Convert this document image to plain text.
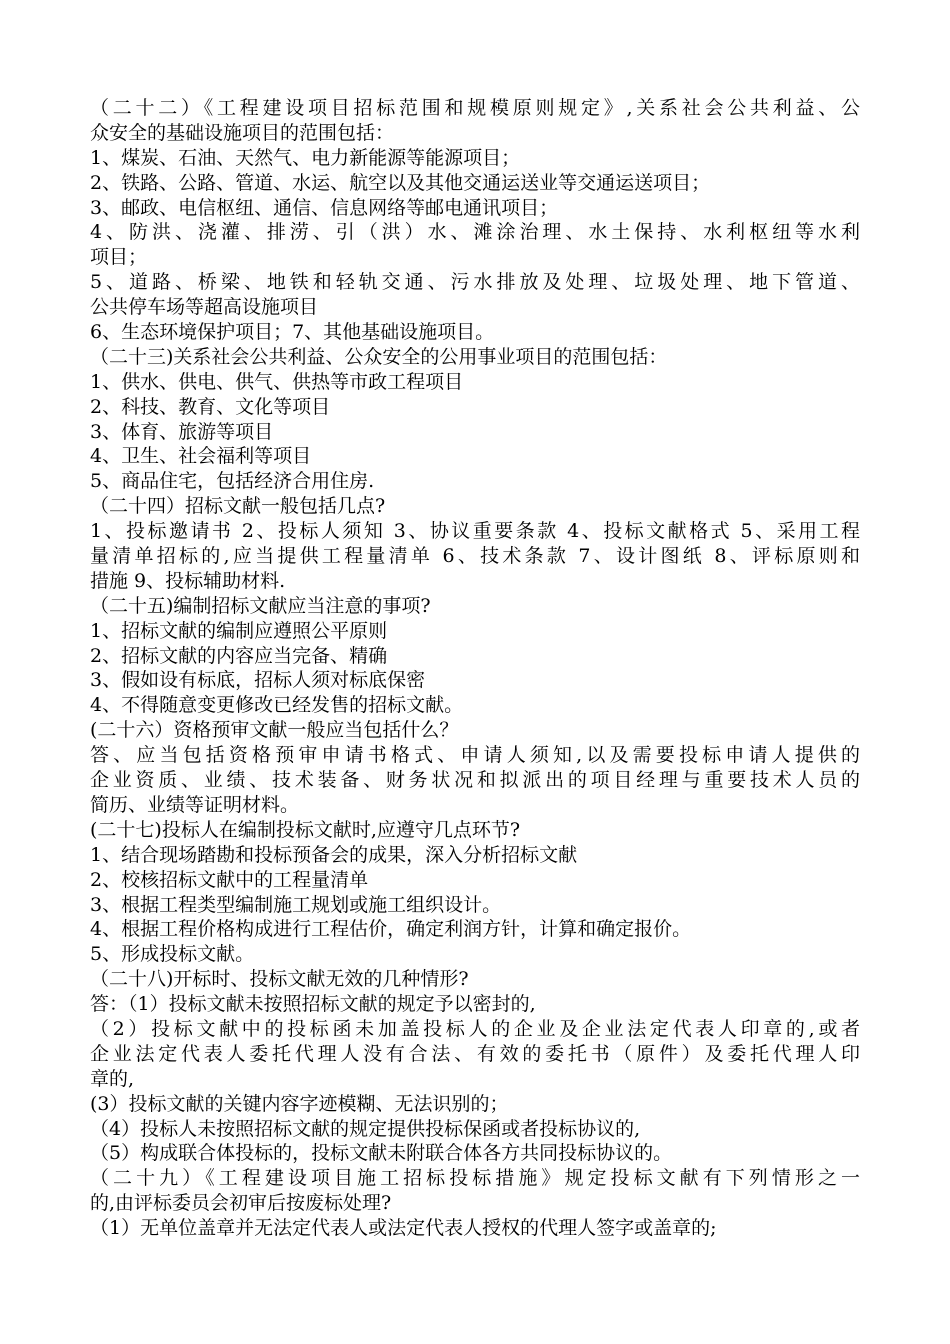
（二十二）《工程建设项目招标范围和规模原则规定》,关系社会公共利益、公
众安全的基础设施项目的范围包括：
1、煤炭、石油、天然气、电力新能源等能源项目；
2、铁路、公路、管道、水运、航空以及其他交通运送业等交通运送项目；
3、邮政、电信枢纽、通信、信息网络等邮电通讯项目；
4、防洪、浇灌、排涝、引（洪）水、滩涂治理、水土保持、水利枢纽等水利
项目；
5、道路、桥梁、地铁和轻轨交通、污水排放及处理、垃圾处理、地下管道、
公共停车场等超高设施项目
6、生态环境保护项目；7、其他基础设施项目。
（二十三)关系社会公共利益、公众安全的公用事业项目的范围包括：
1、供水、供电、供气、供热等市政工程项目
2、科技、教育、文化等项目
3、体育、旅游等项目
4、卫生、社会福利等项目
5、商品住宅，包括经济合用住房.
（二十四）招标文献一般包括几点?
1、投标邀请书 2、投标人须知 3、协议重要条款 4、投标文献格式 5、采用工程
量清单招标的,应当提供工程量清单 6、技术条款 7、设计图纸 8、评标原则和
措施 9、投标辅助材料.
（二十五)编制招标文献应当注意的事项?
1、招标文献的编制应遵照公平原则
2、招标文献的内容应当完备、精确
3、假如设有标底，招标人须对标底保密
4、不得随意变更修改已经发售的招标文献。
(二十六）资格预审文献一般应当包括什么？
答、应当包括资格预审申请书格式、申请人须知,以及需要投标申请人提供的
企业资质、业绩、技术装备、财务状况和拟派出的项目经理与重要技术人员的
简历、业绩等证明材料。
(二十七)投标人在编制投标文献时,应遵守几点环节?
1、结合现场踏勘和投标预备会的成果，深入分析招标文献
2、校核招标文献中的工程量清单
3、根据工程类型编制施工规划或施工组织设计。
4、根据工程价格构成进行工程估价，确定利润方针，计算和确定报价。
5、形成投标文献。
（二十八)开标时、投标文献无效的几种情形?
答：（1）投标文献未按照招标文献的规定予以密封的,
（2）投标文献中的投标函未加盖投标人的企业及企业法定代表人印章的,或者
企业法定代表人委托代理人没有合法、有效的委托书（原件）及委托代理人印
章的,
(3）投标文献的关键内容字迹模糊、无法识别的；
（4）投标人未按照招标文献的规定提供投标保函或者投标协议的,
（5）构成联合体投标的，投标文献未附联合体各方共同投标协议的。
（二十九）《工程建设项目施工招标投标措施》规定投标文献有下列情形之一
的,由评标委员会初审后按废标处理?
（1）无单位盖章并无法定代表人或法定代表人授权的代理人签字或盖章的;
